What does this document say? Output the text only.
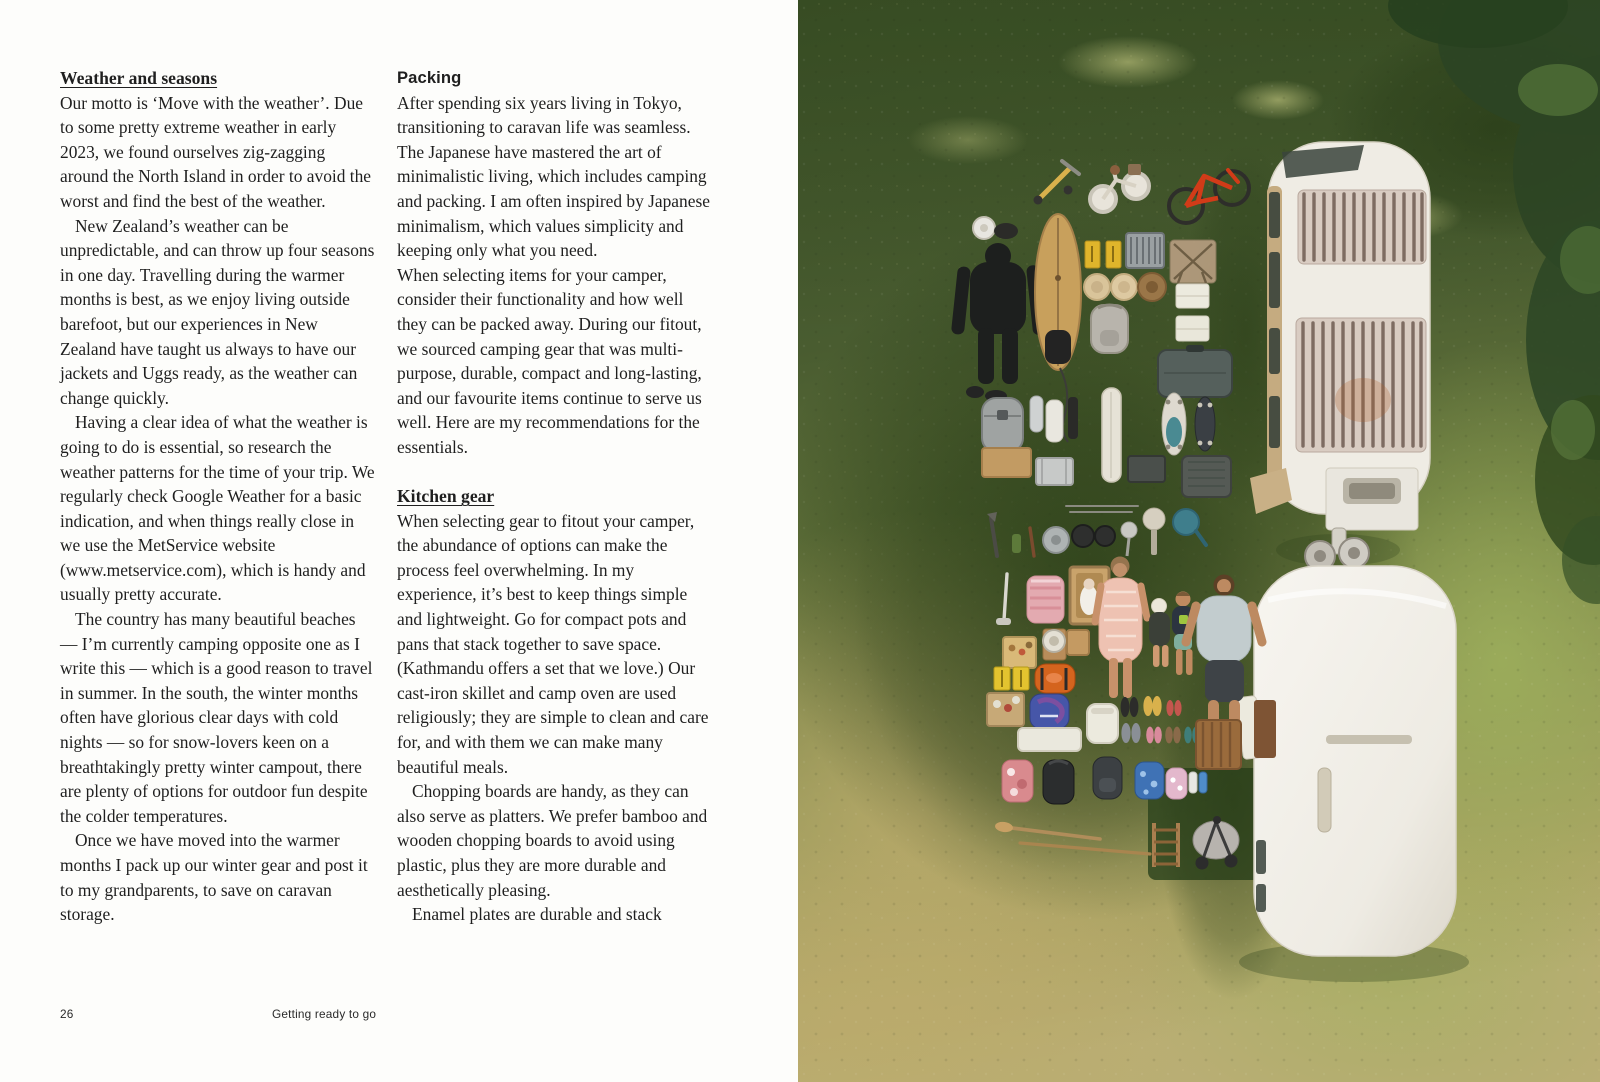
Weather and seasons

Our motto is ‘Move with the weather’. Due to some pretty extreme weather in early 2023, we found ourselves zig-zagging around the North Island in order to avoid the worst and find the best of the weather.

New Zealand’s weather can be unpredictable, and can throw up four seasons in one day. Travelling during the warmer months is best, as we enjoy living outside barefoot, but our experiences in New Zealand have taught us always to have our jackets and Uggs ready, as the weather can change quickly.

Having a clear idea of what the weather is going to do is essential, so research the weather patterns for the time of your trip. We regularly check Google Weather for a basic indication, and when things really close in we use the MetService website (www.metservice.com), which is handy and usually pretty accurate.

The country has many beautiful beaches — I’m currently camping opposite one as I write this — which is a good reason to travel in summer. In the south, the winter months often have glorious clear days with cold nights — so for snow-lovers keen on a breathtakingly pretty winter campout, there are plenty of options for outdoor fun despite the colder temperatures.

Once we have moved into the warmer months I pack up our winter gear and post it to my grandparents, to save on caravan storage.

Packing

After spending six years living in Tokyo, transitioning to caravan life was seamless. The Japanese have mastered the art of minimalistic living, which includes camping and packing. I am often inspired by Japanese minimalism, which values simplicity and keeping only what you need.

When selecting items for your camper, consider their functionality and how well they can be packed away. During our fitout, we sourced camping gear that was multi-purpose, durable, compact and long-lasting, and our favourite items continue to serve us well. Here are my recommendations for the essentials.

Kitchen gear

When selecting gear to fitout your camper, the abundance of options can make the process feel overwhelming. In my experience, it’s best to keep things simple and lightweight. Go for compact pots and pans that stack together to save space. (Kathmandu offers a set that we love.) Our cast-iron skillet and camp oven are used religiously; they are simple to clean and care for, and with them we can make many beautiful meals.

Chopping boards are handy, as they can also serve as platters. We prefer bamboo and wooden chopping boards to avoid using plastic, plus they are more durable and aesthetically pleasing.

Enamel plates are durable and stack

26	Getting ready to go
